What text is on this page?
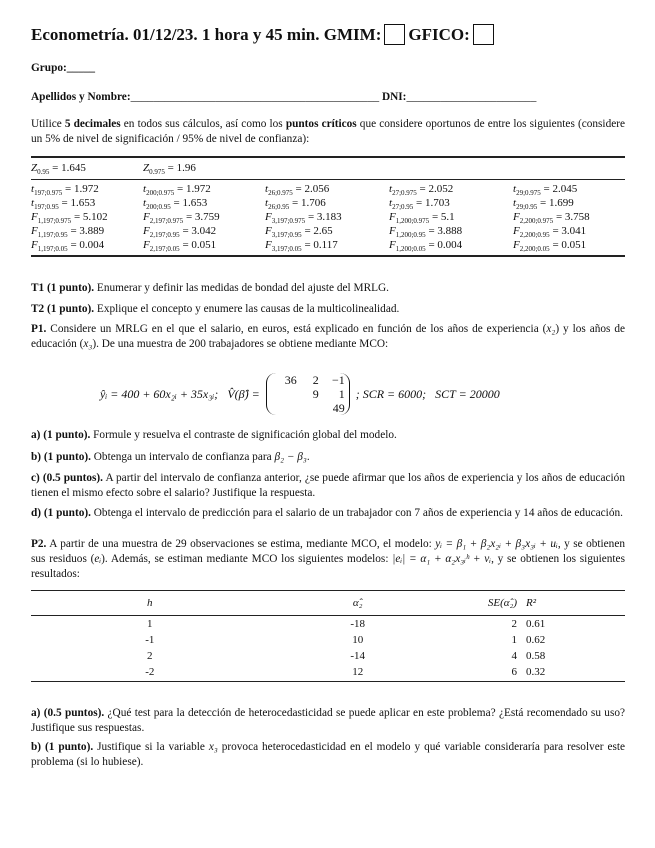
Econometría. 01/12/23. 1 hora y 45 min. GMIM: GFICO:
Grupo:_____
Apellidos y Nombre:____________________________________________ DNI:_______________________
Utilice 5 decimales en todos sus cálculos, así como los puntos críticos que considere oportunos de entre los siguientes (considere un 5% de nivel de significación / 95% de nivel de confianza):
$Z_{0.95} = 1.645$	$Z_{0.975} = 1.96$
$t_{197;0.975} = 1.972$	$t_{200;0.975} = 1.972$	$t_{26;0.975} = 2.056$	$t_{27;0.975} = 2.052$	$t_{29;0.975} = 2.045$
$t_{197;0.95} = 1.653$	$t_{200;0.95} = 1.653$	$t_{26;0.95} = 1.706$	$t_{27;0.95} = 1.703$	$t_{29;0.95} = 1.699$
$F_{1,197;0.975} = 5.102$	$F_{2,197;0.975} = 3.759$	$F_{3,197;0.975} = 3.183$	$F_{1,200;0.975} = 5.1$	$F_{2,200;0.975} = 3.758$
$F_{1,197;0.95} = 3.889$	$F_{2,197;0.95} = 3.042$	$F_{3,197;0.95} = 2.65$	$F_{1,200;0.95} = 3.888$	$F_{2,200;0.95} = 3.041$
$F_{1,197;0.05} = 0.004$	$F_{2,197;0.05} = 0.051$	$F_{3,197;0.05} = 0.117$	$F_{1,200;0.05} = 0.004$	$F_{2,200;0.05} = 0.051$
T1 (1 punto). Enumerar y definir las medidas de bondad del ajuste del MRLG.
T2 (1 punto). Explique el concepto y enumere las causas de la multicolinealidad.
P1. Considere un MRLG en el que el salario, en euros, está explicado en función de los años de experiencia (x₂) y los años de educación (x₃). De una muestra de 200 trabajadores se obtiene mediante MCO:
ŷᵢ = 400 + 60x₂ᵢ + 35x₃ᵢ;
V̂(β̂) =
36	2	−1
9	1
49
; SCR = 6000;
SCT = 20000
a) (1 punto). Formule y resuelva el contraste de significación global del modelo.
b) (1 punto). Obtenga un intervalo de confianza para β₂ − β₃.
c) (0.5 puntos). A partir del intervalo de confianza anterior, ¿se puede afirmar que los años de experiencia y los años de educación tienen el mismo efecto sobre el salario? Justifique la respuesta.
d) (1 punto). Obtenga el intervalo de predicción para el salario de un trabajador con 7 años de experiencia y 14 años de educación.
P2. A partir de una muestra de 29 observaciones se estima, mediante MCO, el modelo: yᵢ = β₁ + β₂x₂ᵢ + β₃x₃ᵢ + uᵢ, y se obtienen sus residuos (eᵢ). Además, se estiman mediante MCO los siguientes modelos: |eᵢ| = α₁ + α₂x₃ᵢʰ + νᵢ, y se obtienen los siguientes resultados:
h	α̂₂	SE(α̂₂)	R²
1	-18	2	0.61
-1	10	1	0.62
2	-14	4	0.58
-2	12	6	0.32
a) (0.5 puntos). ¿Qué test para la detección de heterocedasticidad se puede aplicar en este problema? ¿Está recomendado su uso? Justifique sus respuestas.
b) (1 punto). Justifique si la variable x₃ provoca heterocedasticidad en el modelo y qué variable consideraría para resolver este problema (si lo hubiese).
